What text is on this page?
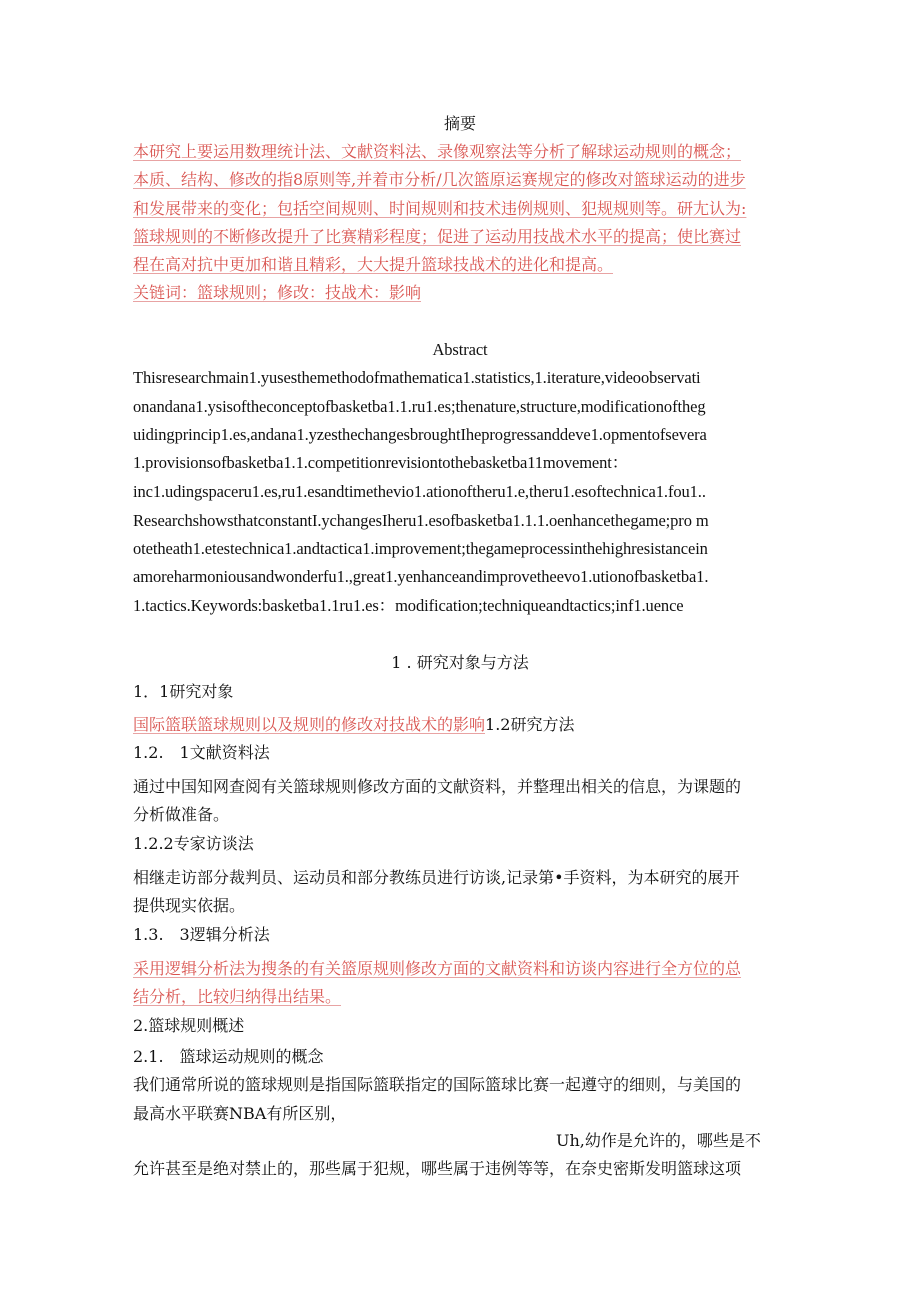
摘要
本研究上要运用数理统计法、文献资料法、录像观察法等分析了解球运动规则的概念；
本质、结构、修改的指8原则等,并着市分析/几次篮原运赛规定的修改对篮球运动的进步
和发展带来的变化；包括空间规则、时间规则和技术违例规则、犯规规则等。研尢认为:
篮球规则的不断修改提升了比赛精彩程度；促进了运动用技战术水平的提高；使比赛过
程在高对抗中更加和谐且精彩，大大提升篮球技战术的进化和提高。
关链词：篮球规则；修改：技战术：影响
Abstract
Thisresearchmain1.yusesthemethodofmathematica1.statistics,1.iterature,videoobservati
onandana1.ysisoftheconceptofbasketba1.1.ru1.es;thenature,structure,modificationoftheg
uidingprincip1.es,andana1.yzesthechangesbroughtIheprogressanddeve1.opmentofsevera
1.provisionsofbasketba1.1.competitionrevisiontothebasketba11movement：
inc1.udingspaceru1.es,ru1.esandtimethevio1.ationoftheru1.e,theru1.esoftechnica1.fou1..
ResearchshowsthatconstantI.ychangesIheru1.esofbasketba1.1.1.oenhancethegame;pro m
otetheath1.etestechnica1.andtactica1.improvement;thegameprocessinthehighresistancein
amoreharmoniousandwonderfu1.,great1.yenhanceandimprovetheevo1.utionofbasketba1.
1.tactics.Keywords:basketba1.1ru1.es：modification;techniqueandtactics;inf1.uence
1 . 研究对象与方法
1．1研究对象
国际篮联篮球规则以及规则的修改对技战术的影响1.2研究方法
1.2.　1文献资料法
通过中国知网查阅有关篮球规则修改方面的文献资料，并整理出相关的信息，为课题的
分析做准备。
1.2.2专家访谈法
相继走访部分裁判员、运动员和部分教练员进行访谈,记录第•手资料，为本研究的展开
提供现实依据。
1.3.　3逻辑分析法
采用逻辑分析法为搜条的有关篮原规则修改方面的文献资料和访谈内容进行全方位的总
结分析，比较归纳得出结果。
2.篮球规则概述
2.1.　篮球运动规则的概念
我们通常所说的篮球规则是指国际篮联指定的国际篮球比赛一起遵守的细则，与美国的
最高水平联赛NBA有所区别，
Uh,幼作是允许的，哪些是不
允许甚至是绝对禁止的，那些属于犯规，哪些属于违例等等，在奈史密斯发明篮球这项
